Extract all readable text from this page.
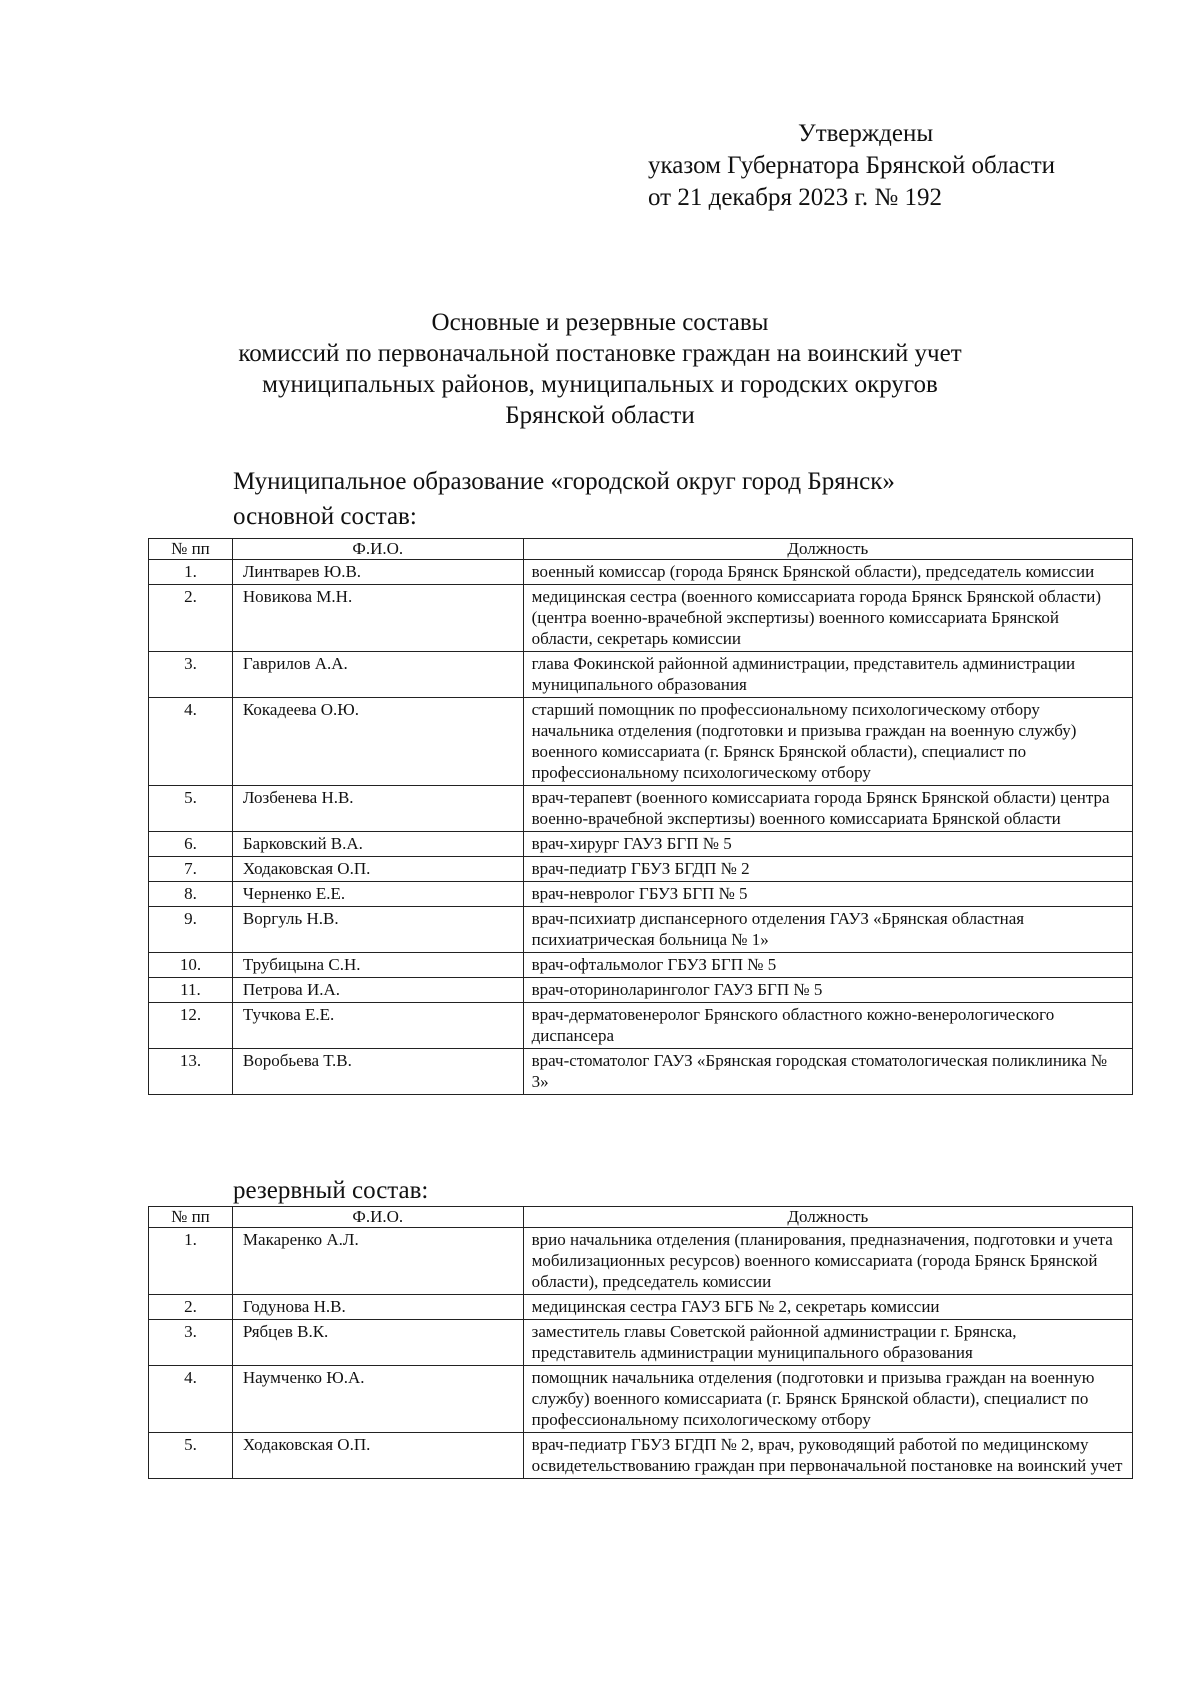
Утверждены
указом Губернатора Брянской области
от 21 декабря 2023 г. № 192
Основные и резервные составы
комиссий по первоначальной постановке граждан на воинский учет
муниципальных районов, муниципальных и городских округов
Брянской области
Муниципальное образование «городской округ город Брянск»
основной состав:
№ пп	Ф.И.О.	Должность
1.	Линтварев Ю.В.	военный комиссар (города Брянск Брянской области), председатель комиссии
2.	Новикова М.Н.	медицинская сестра (военного комиссариата города Брянск Брянской области) (центра военно-врачебной экспертизы) военного комиссариата Брянской области, секретарь комиссии
3.	Гаврилов А.А.	глава Фокинской районной администрации, представитель администрации муниципального образования
4.	Кокадеева О.Ю.	старший помощник по профессиональному психологическому отбору начальника отделения (подготовки и призыва граждан на военную службу) военного комиссариата (г. Брянск Брянской области), специалист по профессиональному психологическому отбору
5.	Лозбенева Н.В.	врач-терапевт (военного комиссариата города Брянск Брянской области) центра военно-врачебной экспертизы) военного комиссариата Брянской области
6.	Барковский В.А.	врач-хирург ГАУЗ БГП № 5
7.	Ходаковская О.П.	врач-педиатр ГБУЗ БГДП № 2
8.	Черненко Е.Е.	врач-невролог ГБУЗ БГП № 5
9.	Воргуль Н.В.	врач-психиатр диспансерного отделения ГАУЗ «Брянская областная психиатрическая больница № 1»
10.	Трубицына С.Н.	врач-офтальмолог ГБУЗ БГП № 5
11.	Петрова И.А.	врач-оториноларинголог ГАУЗ БГП № 5
12.	Тучкова Е.Е.	врач-дерматовенеролог Брянского областного кожно-венерологического диспансера
13.	Воробьева Т.В.	врач-стоматолог ГАУЗ «Брянская городская стоматологическая поликлиника № 3»
резервный состав:
№ пп	Ф.И.О.	Должность
1.	Макаренко А.Л.	врио начальника отделения (планирования, предназначения, подготовки и учета мобилизационных ресурсов) военного комиссариата (города Брянск Брянской области), председатель комиссии
2.	Годунова Н.В.	медицинская сестра ГАУЗ БГБ № 2, секретарь комиссии
3.	Рябцев В.К.	заместитель главы Советской районной администрации г. Брянска, представитель администрации муниципального образования
4.	Наумченко Ю.А.	помощник начальника отделения (подготовки и призыва граждан на военную службу) военного комиссариата (г. Брянск Брянской области), специалист по профессиональному психологическому отбору
5.	Ходаковская О.П.	врач-педиатр ГБУЗ БГДП № 2, врач, руководящий работой по медицинскому освидетельствованию граждан при первоначальной постановке на воинский учет
